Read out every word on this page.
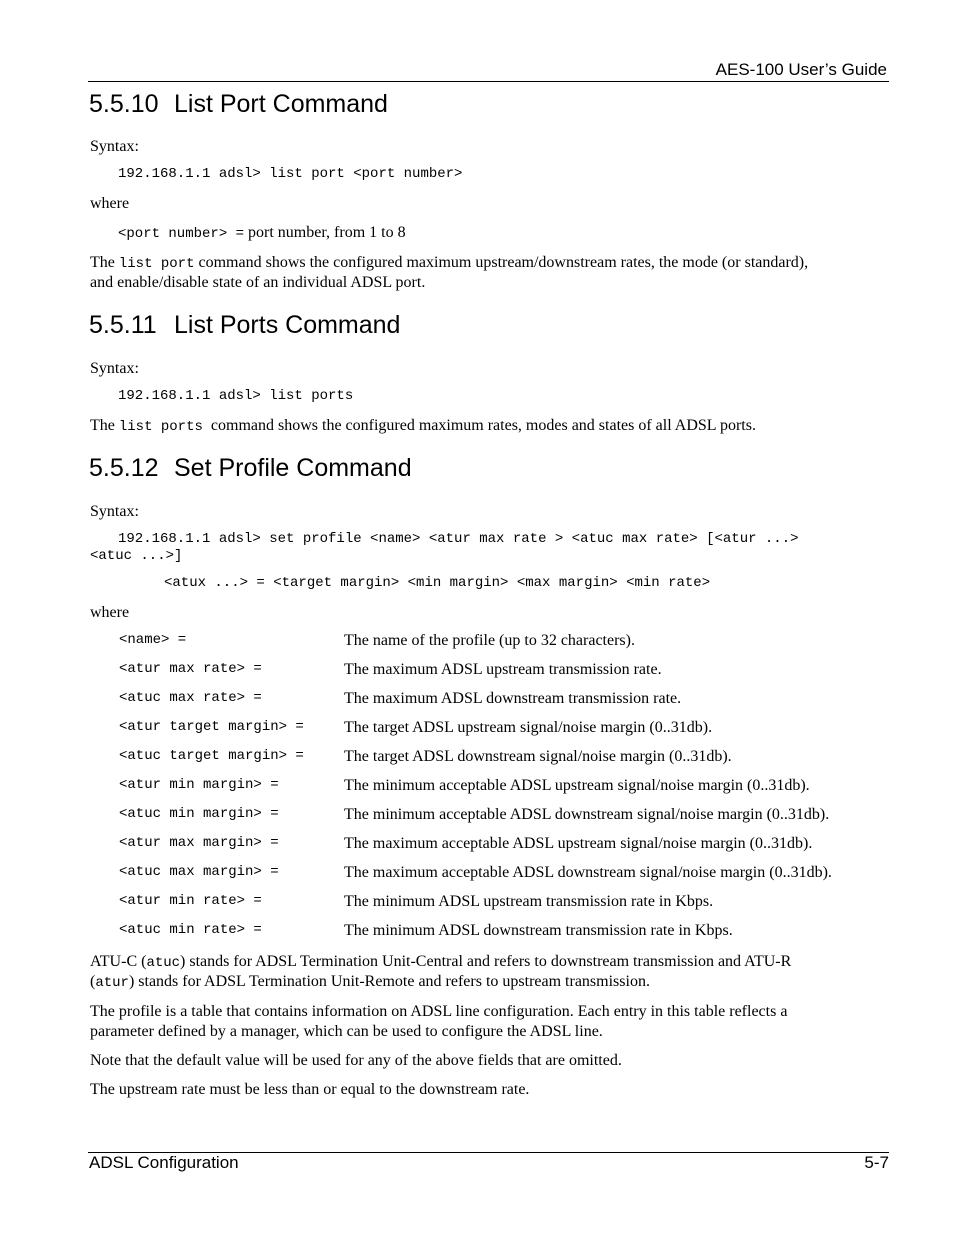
AES-100 User’s Guide
5.5.10 List Port Command
Syntax:
192.168.1.1 adsl> list port <port number>
where
<port number> = port number, from 1 to 8
The list port command shows the configured maximum upstream/downstream rates, the mode (or standard),
and enable/disable state of an individual ADSL port.
5.5.11 List Ports Command
Syntax:
192.168.1.1 adsl> list ports
The list ports command shows the configured maximum rates, modes and states of all ADSL ports.
5.5.12 Set Profile Command
Syntax:
192.168.1.1 adsl> set profile <name> <atur max rate > <atuc max rate> [<atur ...>
<atuc ...>]
<atux ...> = <target margin> <min margin> <max margin> <min rate>
where
<name> =	The name of the profile (up to 32 characters).
<atur max rate> =	The maximum ADSL upstream transmission rate.
<atuc max rate> =	The maximum ADSL downstream transmission rate.
<atur target margin> =	The target ADSL upstream signal/noise margin (0..31db).
<atuc target margin> =	The target ADSL downstream signal/noise margin (0..31db).
<atur min margin> =	The minimum acceptable ADSL upstream signal/noise margin (0..31db).
<atuc min margin> =	The minimum acceptable ADSL downstream signal/noise margin (0..31db).
<atur max margin> =	The maximum acceptable ADSL upstream signal/noise margin (0..31db).
<atuc max margin> =	The maximum acceptable ADSL downstream signal/noise margin (0..31db).
<atur min rate> =	The minimum ADSL upstream transmission rate in Kbps.
<atuc min rate> =	The minimum ADSL downstream transmission rate in Kbps.
ATU-C (atuc) stands for ADSL Termination Unit-Central and refers to downstream transmission and ATU-R
(atur) stands for ADSL Termination Unit-Remote and refers to upstream transmission.
The profile is a table that contains information on ADSL line configuration. Each entry in this table reflects a
parameter defined by a manager, which can be used to configure the ADSL line.
Note that the default value will be used for any of the above fields that are omitted.
The upstream rate must be less than or equal to the downstream rate.
ADSL Configuration	5-7
